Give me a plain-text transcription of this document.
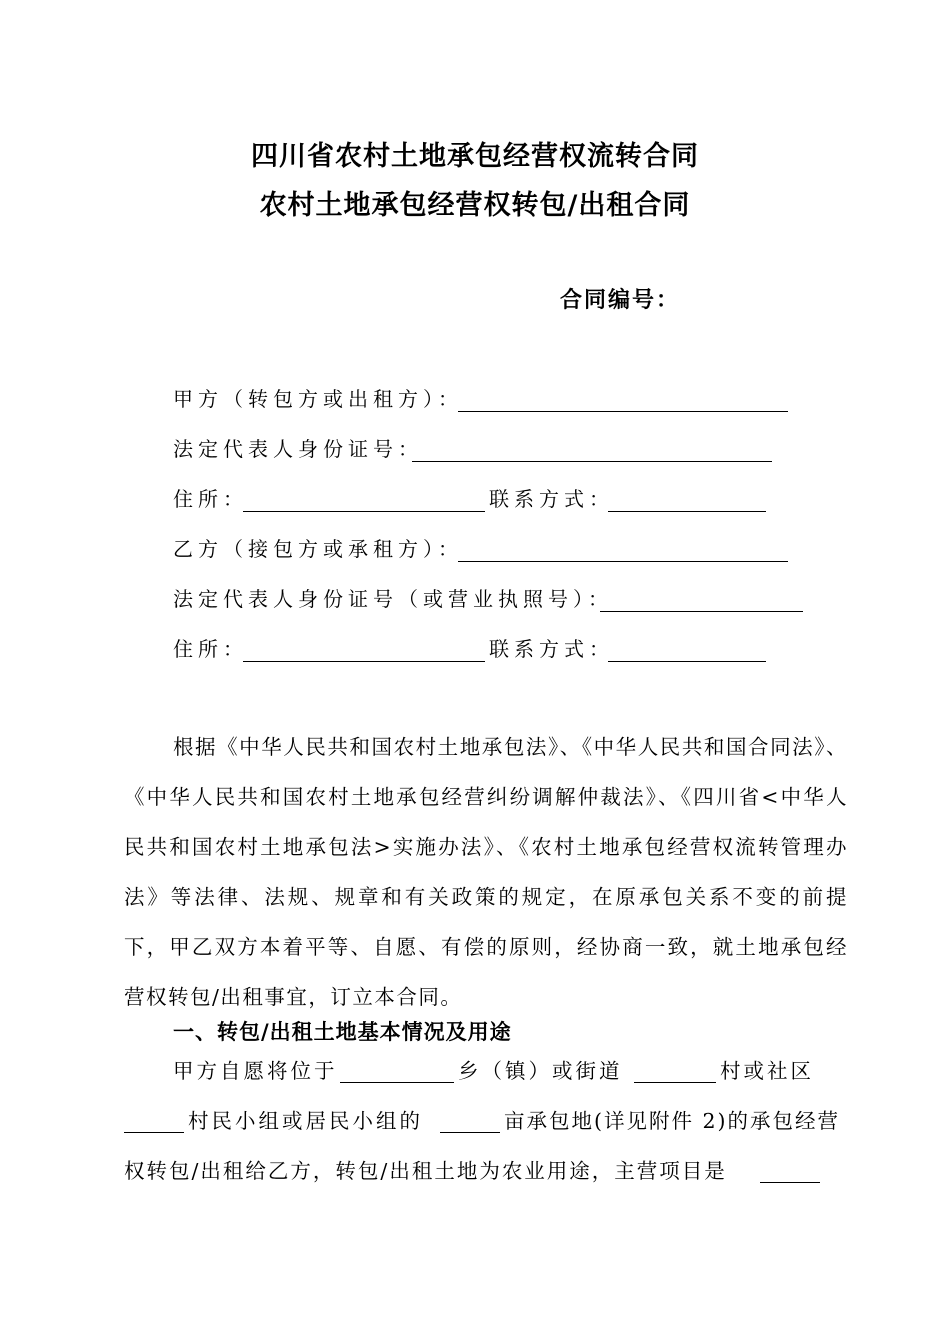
四川省农村土地承包经营权流转合同
农村土地承包经营权转包/出租合同
合同编号：
甲方（转包方或出租方）：
法定代表人身份证号：
住所：	联系方式：
乙方（接包方或承租方）：
法定代表人身份证号（或营业执照号）：
住所：	联系方式：
根据《中华人民共和国农村土地承包法》、《中华人民共和国合同法》、《中华人民共和国农村土地承包经营纠纷调解仲裁法》、《四川省<中华人民共和国农村土地承包法>实施办法》、《农村土地承包经营权流转管理办法》等法律、法规、规章和有关政策的规定，在原承包关系不变的前提下，甲乙双方本着平等、自愿、有偿的原则，经协商一致，就土地承包经营权转包/出租事宜，订立本合同。
一、转包/出租土地基本情况及用途
甲方自愿将位于	乡（镇）或街道	村或社区
村民小组或居民小组的	亩承包地(详见附件 2)的承包经营
权转包/出租给乙方，转包/出租土地为农业用途，主营项目是
